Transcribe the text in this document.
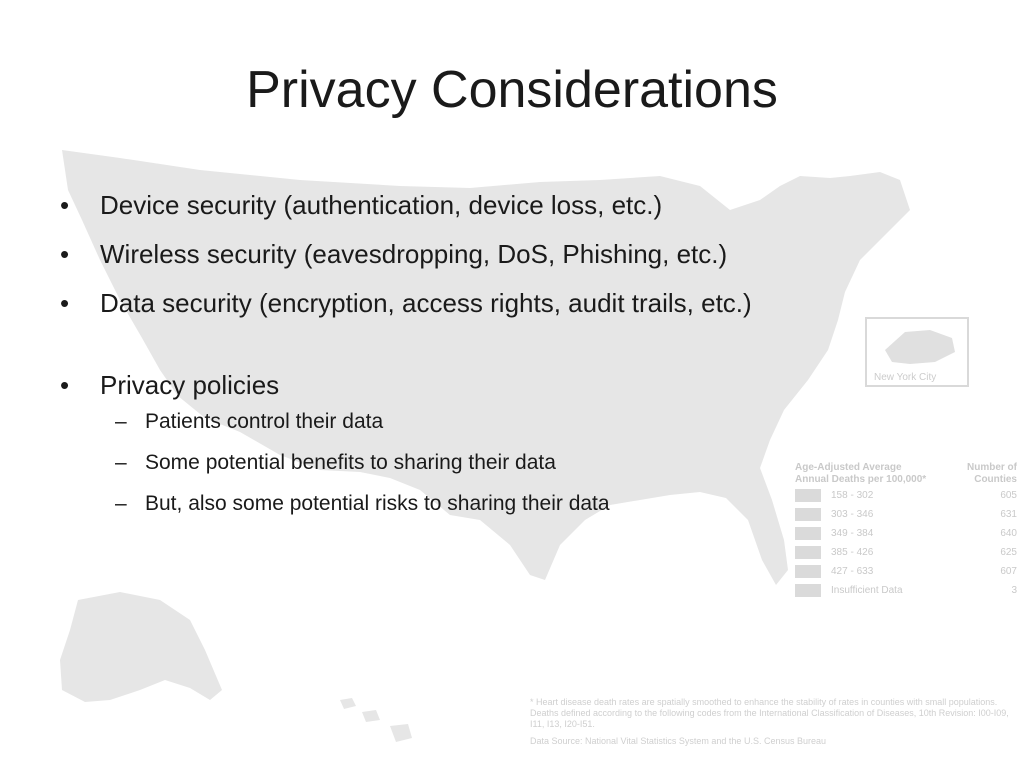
Privacy Considerations
• Device security (authentication, device loss, etc.)
• Wireless security (eavesdropping, DoS, Phishing, etc.)
• Data security (encryption, access rights, audit trails, etc.)
• Privacy policies
– Patients control their data
– Some potential benefits to sharing their data
– But, also some potential risks to sharing their data
New York City
Age-Adjusted Average Annual Deaths per 100,000*
Number of Counties
158 - 302	605
303 - 346	631
349 - 384	640
385 - 426	625
427 - 633	607
Insufficient Data	3
* Heart disease death rates are spatially smoothed to enhance the stability of rates in counties with small populations. Deaths defined according to the following codes from the International Classification of Diseases, 10th Revision: I00-I09, I11, I13, I20-I51.
Data Source: National Vital Statistics System and the U.S. Census Bureau
